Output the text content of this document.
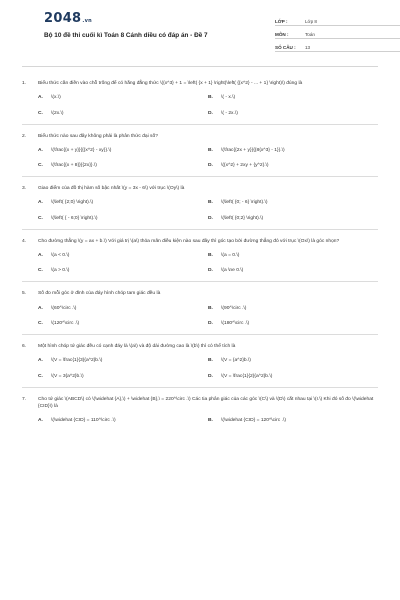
2048.vn
Bộ 10 đề thi cuối kì Toán 8 Cánh diều có đáp án - Đề 7
LỚP :	Lớp 8
MÔN :	Toán
SỐ CÂU :	13
1.	Biểu thức cần điền vào chỗ trống để có hằng đẳng thức \({x^3} + 1 = \left( {x + 1} \right)\left( {{x^2} - ... + 1} \right)\) đúng là
A.	\(x.\)	B.	\( - x.\)
C.	\(2x.\)	D.	\( - 2x.\)
2.	Biểu thức nào sau đây không phải là phân thức đại số?
A.	\(\frac{{x + y}}{{{x^2} - xy}}.\)	B.	\(\frac{{2x + y}}{{8{x^3} - 1}}.\)
C.	\(\frac{{x + 8}}{{2x}}.\)	D.	\({x^2} + 2xy + {y^2}.\)
3.	Giao điểm của đồ thị hàm số bậc nhất \(y = 3x - 6\) với trục \(Oy\) là
A.	\(\left( {2;0} \right).\)	B.	\(\left( {0; - 6} \right).\)
C.	\(\left( { - 6;0} \right).\)	D.	\(\left( {0;2} \right).\)
4.	Cho đường thẳng \(y = ax + b.\) Với giá trị \(a\) thỏa mãn điều kiện nào sau đây thì góc tạo bởi đường thẳng đó với trục \(Ox\) là góc nhọn?
A.	\(a < 0.\)	B.	\(a = 0.\)
C.	\(a > 0.\)	D.	\(a \ne 0.\)
5.	Số đo mỗi góc ở đỉnh của đáy hình chóp tam giác đều là
A.	\(60^\circ .\)	B.	\(90^\circ .\)
C.	\(120^\circ .\)	D.	\(180^\circ .\)
6.	Một hình chóp tứ giác đều có cạnh đáy là \(a\) và độ dài đường cao là \(b\) thì có thể tích là
A.	\(V = \frac{1}{3}{a^2}b.\)	B.	\(V = {a^2}b.\)
C.	\(V = 3{a^2}b.\)	D.	\(V = \frac{1}{2}{a^2}b.\)
7.	Cho tứ giác \(ABCD\) có \(\widehat {A},\) + \widehat {B},\ = 220^\circ .\) Các tia phân giác của các góc \(C\) và \(D\) cắt nhau tại \(I.\) Khi đó số đo \(\widehat {CID}\) là
A.	\(\widehat {CID} = 110^\circ .\)	B.	\(\widehat {CID} = 120^\circ .\)
